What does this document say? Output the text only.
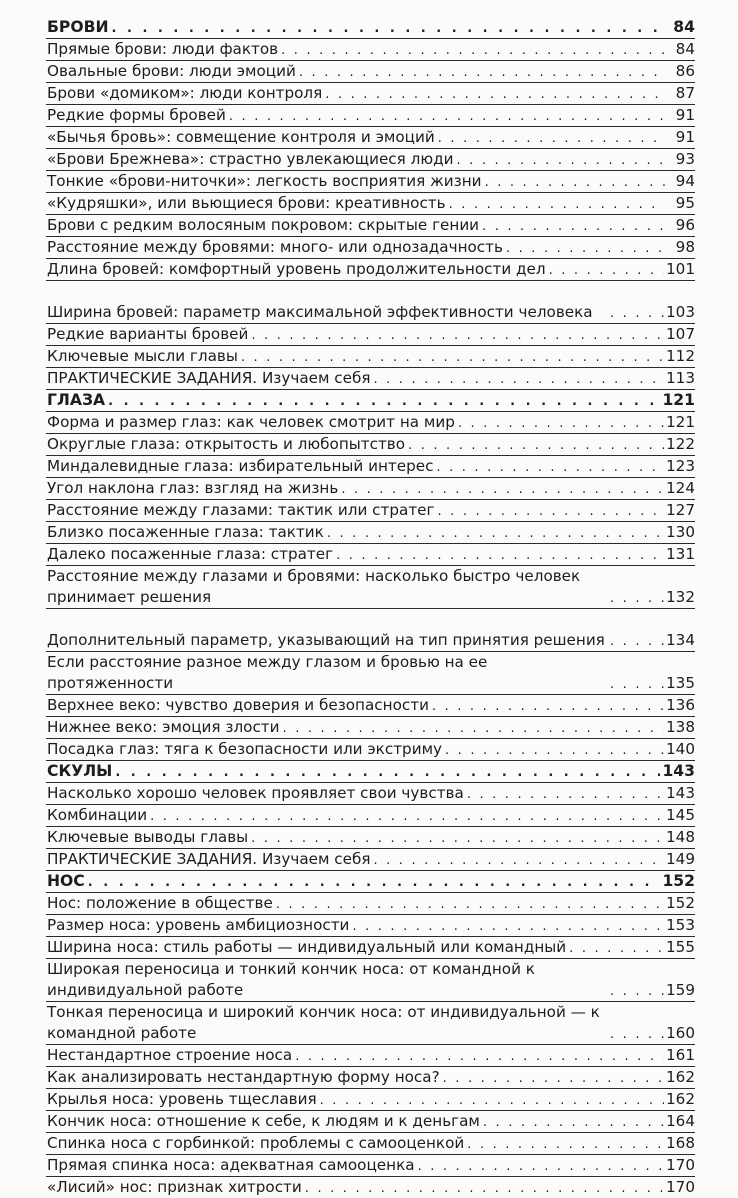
БРОВИ . . .	84
Прямые брови: люди фактов . . .	84
Овальные брови: люди эмоций . . .	86
Брови «домиком»: люди контроля . . .	87
Редкие формы бровей . . .	91
«Бычья бровь»: совмещение контроля и эмоций . . .	91
«Брови Брежнева»: страстно увлекающиеся люди . . .	93
Тонкие «брови-ниточки»: легкость восприятия жизни . . .	94
«Кудряшки», или вьющиеся брови: креативность . . .	95
Брови с редким волосяным покровом: скрытые гении . . .	96
Расстояние между бровями: много- или однозадачность . . .	98
Длина бровей: комфортный уровень продолжительности дел . . .	101
Ширина бровей: параметр максимальной эффективности человека . . .	103
Редкие варианты бровей . . .	107
Ключевые мысли главы . . .	112
ПРАКТИЧЕСКИЕ ЗАДАНИЯ. Изучаем себя . . .	113
ГЛАЗА . . .	121
Форма и размер глаз: как человек смотрит на мир . . .	121
Округлые глаза: открытость и любопытство . . .	122
Миндалевидные глаза: избирательный интерес . . .	123
Угол наклона глаз: взгляд на жизнь . . .	124
Расстояние между глазами: тактик или стратег . . .	127
Близко посаженные глаза: тактик . . .	130
Далеко посаженные глаза: стратег . . .	131
Расстояние между глазами и бровями: насколько быстро человек принимает решения . . .	132
Дополнительный параметр, указывающий на тип принятия решения . . .	134
Если расстояние разное между глазом и бровью на ее протяженности . . .	135
Верхнее веко: чувство доверия и безопасности . . .	136
Нижнее веко: эмоция злости . . .	138
Посадка глаз: тяга к безопасности или экстриму . . .	140
СКУЛЫ . . .	143
Насколько хорошо человек проявляет свои чувства . . .	143
Комбинации . . .	145
Ключевые выводы главы . . .	148
ПРАКТИЧЕСКИЕ ЗАДАНИЯ. Изучаем себя . . .	149
НОС . . .	152
Нос: положение в обществе . . .	152
Размер носа: уровень амбициозности . . .	153
Ширина носа: стиль работы — индивидуальный или командный . . .	155
Широкая переносица и тонкий кончик носа: от командной к индивидуальной работе . . .	159
Тонкая переносица и широкий кончик носа: от индивидуальной — к командной работе . . .	160
Нестандартное строение носа . . .	161
Как анализировать нестандартную форму носа? . . .	162
Крылья носа: уровень тщеславия . . .	162
Кончик носа: отношение к себе, к людям и к деньгам . . .	164
Спинка носа с горбинкой: проблемы с самооценкой . . .	168
Прямая спинка носа: адекватная самооценка . . .	170
«Лисий» нос: признак хитрости . . .	170
